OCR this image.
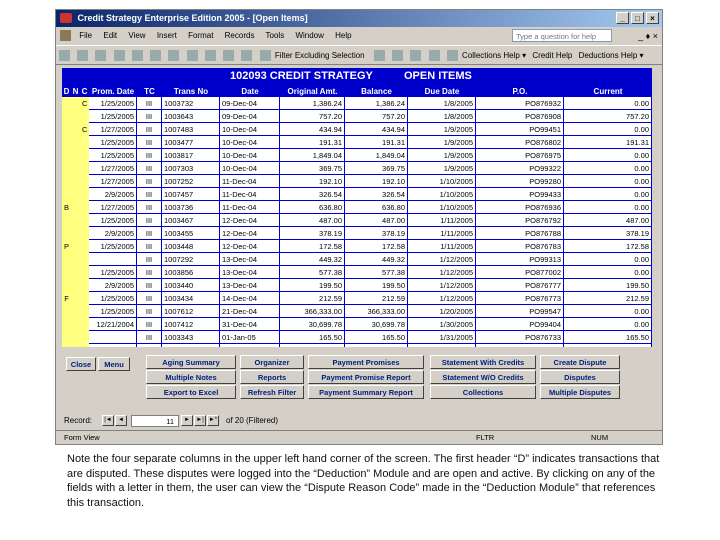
Credit Strategy Enterprise Edition 2005 - [Open Items]	_	□	×
File Edit View Insert Format Records Tools Window Help	Type a question for help	_ ♦ ×
Filter Excluding Selection	Collections Help ▾ Credit Help Deductions Help ▾
102093 CREDIT STRATEGY	OPEN ITEMS
D	N	C	Prom. Date	TC	Trans No	Date	Original Amt.	Balance	Due Date	P.O.	Current
		C	1/25/2005	III	1003732	09-Dec-04	1,386.24	1,386.24	1/8/2005	PO876932	0.00
			1/25/2005	III	1003643	09-Dec-04	757.20	757.20	1/8/2005	PO876908	757.20
		C	1/27/2005	III	1007483	10-Dec-04	434.94	434.94	1/9/2005	PO99451	0.00
			1/25/2005	III	1003477	10-Dec-04	191.31	191.31	1/9/2005	PO876802	191.31
			1/25/2005	III	1003817	10-Dec-04	1,849.04	1,849.04	1/9/2005	PO876975	0.00
			1/27/2005	III	1007303	10-Dec-04	369.75	369.75	1/9/2005	PO99322	0.00
			1/27/2005	III	1007252	11-Dec-04	192.10	192.10	1/10/2005	PO99280	0.00
			2/9/2005	III	1007457	11-Dec-04	326.54	326.54	1/10/2005	PO99433	0.00
B			1/27/2005	III	1003736	11-Dec-04	636.80	636.80	1/10/2005	PO876936	0.00
			1/25/2005	III	1003467	12-Dec-04	487.00	487.00	1/11/2005	PO876792	487.00
			2/9/2005	III	1003455	12-Dec-04	378.19	378.19	1/11/2005	PO876788	378.19
P			1/25/2005	III	1003448	12-Dec-04	172.58	172.58	1/11/2005	PO876783	172.58
				III	1007292	13-Dec-04	449.32	449.32	1/12/2005	PO99313	0.00
			1/25/2005	III	1003856	13-Dec-04	577.38	577.38	1/12/2005	PO877002	0.00
			2/9/2005	III	1003440	13-Dec-04	199.50	199.50	1/12/2005	PO876777	199.50
F			1/25/2005	III	1003434	14-Dec-04	212.59	212.59	1/12/2005	PO876773	212.59
			1/25/2005	III	1007612	21-Dec-04	366,333.00	366,333.00	1/20/2005	PO99547	0.00
			12/21/2004	III	1007412	31-Dec-04	30,699.78	30,699.78	1/30/2005	PO99404	0.00
				III	1003343	01-Jan-05	165.50	165.50	1/31/2005	PO876733	165.50

Close	Menu	Aging Summary
Multiple Notes
Export to Excel
Organizer
Reports
Refresh Filter
Payment Promises
Payment Promise Report
Payment Summary Report
Statement With Credits
Statement W/O Credits
Collections
Create Dispute
Disputes
Multiple Disputes
Record:	|◄	◄	11	►	►| ►* of 20 (Filtered)
Form View	FLTR	NUM
Note the four separate columns in the upper left hand corner of the screen. The first header “D” indicates transactions that are disputed. These disputes were logged into the “Deduction” Module and are open and active. By clicking on any of the fields with a letter in them, the user can view the “Dispute Reason Code” made in the “Deduction Module” that references this transaction.
